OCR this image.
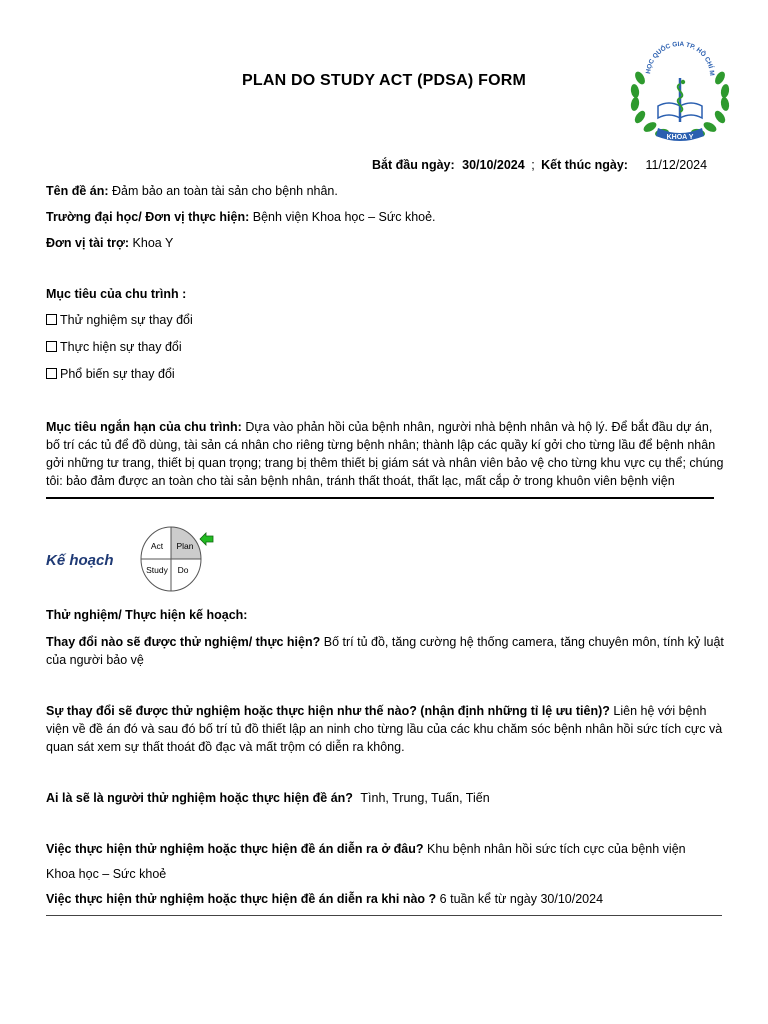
PLAN DO STUDY ACT (PDSA) FORM
HỌC QUỐC GIA TP. HỒ CHÍ M
KHOA Y
Bắt đầu ngày: 30/10/2024 ; Kết thúc ngày: 11/12/2024
Tên đề án: Đảm bảo an toàn tài sản cho bệnh nhân.
Trường đại học/ Đơn vị thực hiện: Bệnh viện Khoa học – Sức khoẻ.
Đơn vị tài trợ: Khoa Y
Mục tiêu của chu trình :
Thử nghiệm sự thay đổi
Thực hiện sự thay đổi
Phổ biến sự thay đổi
Mục tiêu ngắn hạn của chu trình: Dựa vào phản hồi của bệnh nhân, người nhà bệnh nhân và hộ lý. Để bắt đầu dự án, bố trí các tủ để đồ dùng, tài sản cá nhân cho riêng từng bệnh nhân; thành lập các quầy kí gởi cho từng lầu để bệnh nhân gởi những tư trang, thiết bị quan trọng; trang bị thêm thiết bị giám sát và nhân viên bảo vệ cho từng khu vực cụ thể; chúng tôi: bảo đảm được an toàn cho tài sản bệnh nhân, tránh thất thoát, thất lạc, mất cắp ở trong khuôn viên bệnh viện
Kế hoạch
Act Plan
Study Do
Thử nghiệm/ Thực hiện kế hoạch:
Thay đổi nào sẽ được thử nghiệm/ thực hiện? Bố trí tủ đồ, tăng cường hệ thống camera, tăng chuyên môn, tính kỷ luật của người bảo vệ
Sự thay đổi sẽ được thử nghiệm hoặc thực hiện như thế nào? (nhận định những tỉ lệ ưu tiên)? Liên hệ với bệnh viện về đề án đó và sau đó bố trí tủ đồ thiết lập an ninh cho từng lầu của các khu chăm sóc bệnh nhân hồi sức tích cực và quan sát xem sự thất thoát đồ đạc và mất trộm có diễn ra không.
Ai là sẽ là người thử nghiệm hoặc thực hiện đề án? Tình, Trung, Tuấn, Tiến
Việc thực hiện thử nghiệm hoặc thực hiện đề án diễn ra ở đâu? Khu bệnh nhân hồi sức tích cực của bệnh viện
Khoa học – Sức khoẻ
Việc thực hiện thử nghiệm hoặc thực hiện đề án diễn ra khi nào ? 6 tuần kể từ ngày 30/10/2024
